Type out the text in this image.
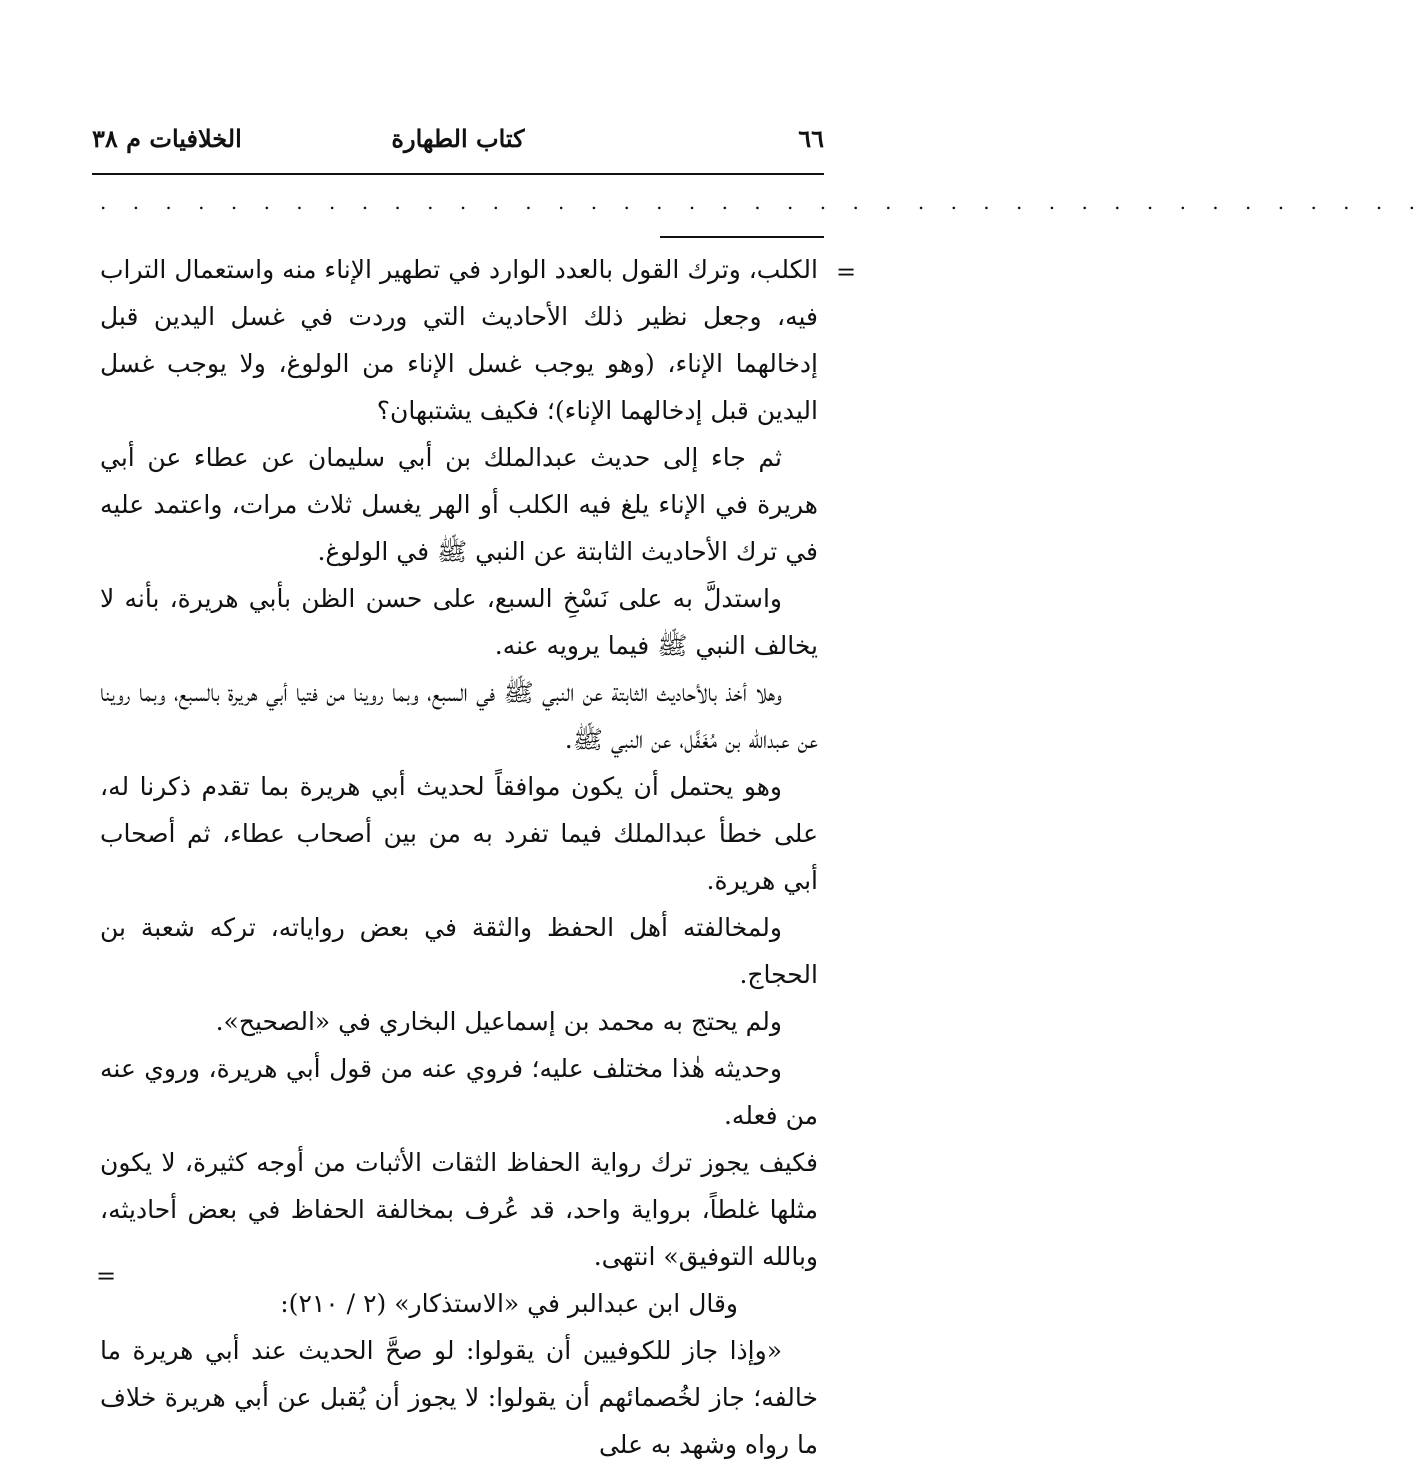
٦٦
كتاب الطهارة
الخلافيات م ٣٨
. . . . . . . . . . . . . . . . . . . . . . . . . . . . . . . . . . . . . . . . .
=

الكلب، وترك القول بالعدد الوارد في تطهير الإناء منه واستعمال التراب فيه، وجعل نظير ذلك الأحاديث التي وردت في غسل اليدين قبل إدخالهما الإناء، (وهو يوجب غسل الإناء من الولوغ، ولا يوجب غسل اليدين قبل إدخالهما الإناء)؛ فكيف يشتبهان؟

ثم جاء إلى حديث عبدالملك بن أبي سليمان عن عطاء عن أبي هريرة في الإناء يلغ فيه الكلب أو الهر يغسل ثلاث مرات، واعتمد عليه في ترك الأحاديث الثابتة عن النبي ﷺ في الولوغ.

واستدلَّ به على نَسْخِ السبع، على حسن الظن بأبي هريرة، بأنه لا يخالف النبي ﷺ فيما يرويه عنه.

وهلا أخذ بالأحاديث الثابتة عن النبي ﷺ في السبع، وبما روينا من فتيا أبي هريرة بالسبع، وبما روينا عن عبدالله بن مُغَفَّل، عن النبي ﷺ.

وهو يحتمل أن يكون موافقاً لحديث أبي هريرة بما تقدم ذكرنا له، على خطأ عبدالملك فيما تفرد به من بين أصحاب عطاء، ثم أصحاب أبي هريرة.

ولمخالفته أهل الحفظ والثقة في بعض رواياته، تركه شعبة بن الحجاج.

ولم يحتج به محمد بن إسماعيل البخاري في «الصحيح».

وحديثه هٰذا مختلف عليه؛ فروي عنه من قول أبي هريرة، وروي عنه من فعله.

فكيف يجوز ترك رواية الحفاظ الثقات الأثبات من أوجه كثيرة، لا يكون مثلها غلطاً، برواية واحد، قد عُرف بمخالفة الحفاظ في بعض أحاديثه، وبالله التوفيق» انتهى.

وقال ابن عبدالبر في «الاستذكار» (٢ / ٢١٠):

«وإذا جاز للكوفيين أن يقولوا: لو صحَّ الحديث عند أبي هريرة ما خالفه؛ جاز لخُصمائهم أن يقولوا: لا يجوز أن يُقبل عن أبي هريرة خلاف ما رواه وشهد به على

=
